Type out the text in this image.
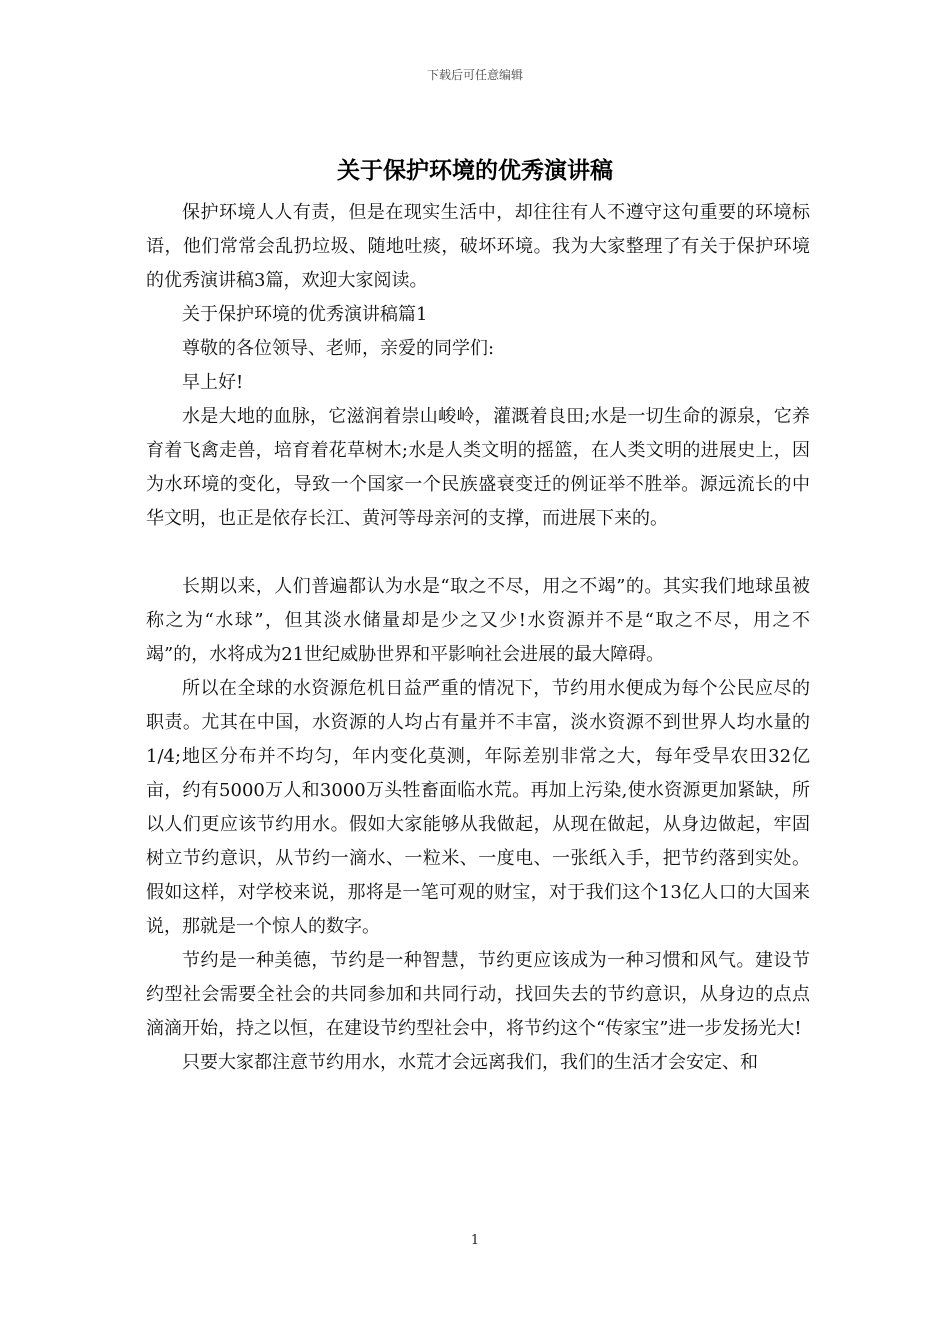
下载后可任意编辑
关于保护环境的优秀演讲稿

保护环境人人有责，但是在现实生活中，却往往有人不遵守这句重要的环境标语，他们常常会乱扔垃圾、随地吐痰，破坏环境。我为大家整理了有关于保护环境的优秀演讲稿3篇，欢迎大家阅读。

关于保护环境的优秀演讲稿篇1

尊敬的各位领导、老师，亲爱的同学们:

早上好!

水是大地的血脉，它滋润着崇山峻岭，灌溉着良田;水是一切生命的源泉，它养育着飞禽走兽，培育着花草树木;水是人类文明的摇篮，在人类文明的进展史上，因为水环境的变化，导致一个国家一个民族盛衰变迁的例证举不胜举。源远流长的中华文明，也正是依存长江、黄河等母亲河的支撑，而进展下来的。

长期以来，人们普遍都认为水是“取之不尽，用之不竭”的。其实我们地球虽被称之为“水球”，但其淡水储量却是少之又少!水资源并不是“取之不尽，用之不竭”的，水将成为21世纪威胁世界和平影响社会进展的最大障碍。

所以在全球的水资源危机日益严重的情况下，节约用水便成为每个公民应尽的职责。尤其在中国，水资源的人均占有量并不丰富，淡水资源不到世界人均水量的1/4;地区分布并不均匀，年内变化莫测，年际差别非常之大，每年受旱农田32亿亩，约有5000万人和3000万头牲畜面临水荒。再加上污染,使水资源更加紧缺，所以人们更应该节约用水。假如大家能够从我做起，从现在做起，从身边做起，牢固树立节约意识，从节约一滴水、一粒米、一度电、一张纸入手，把节约落到实处。假如这样，对学校来说，那将是一笔可观的财宝，对于我们这个13亿人口的大国来说，那就是一个惊人的数字。

节约是一种美德，节约是一种智慧，节约更应该成为一种习惯和风气。建设节约型社会需要全社会的共同参加和共同行动，找回失去的节约意识，从身边的点点滴滴开始，持之以恒，在建设节约型社会中，将节约这个“传家宝”进一步发扬光大!

只要大家都注意节约用水，水荒才会远离我们，我们的生活才会安定、和

1
